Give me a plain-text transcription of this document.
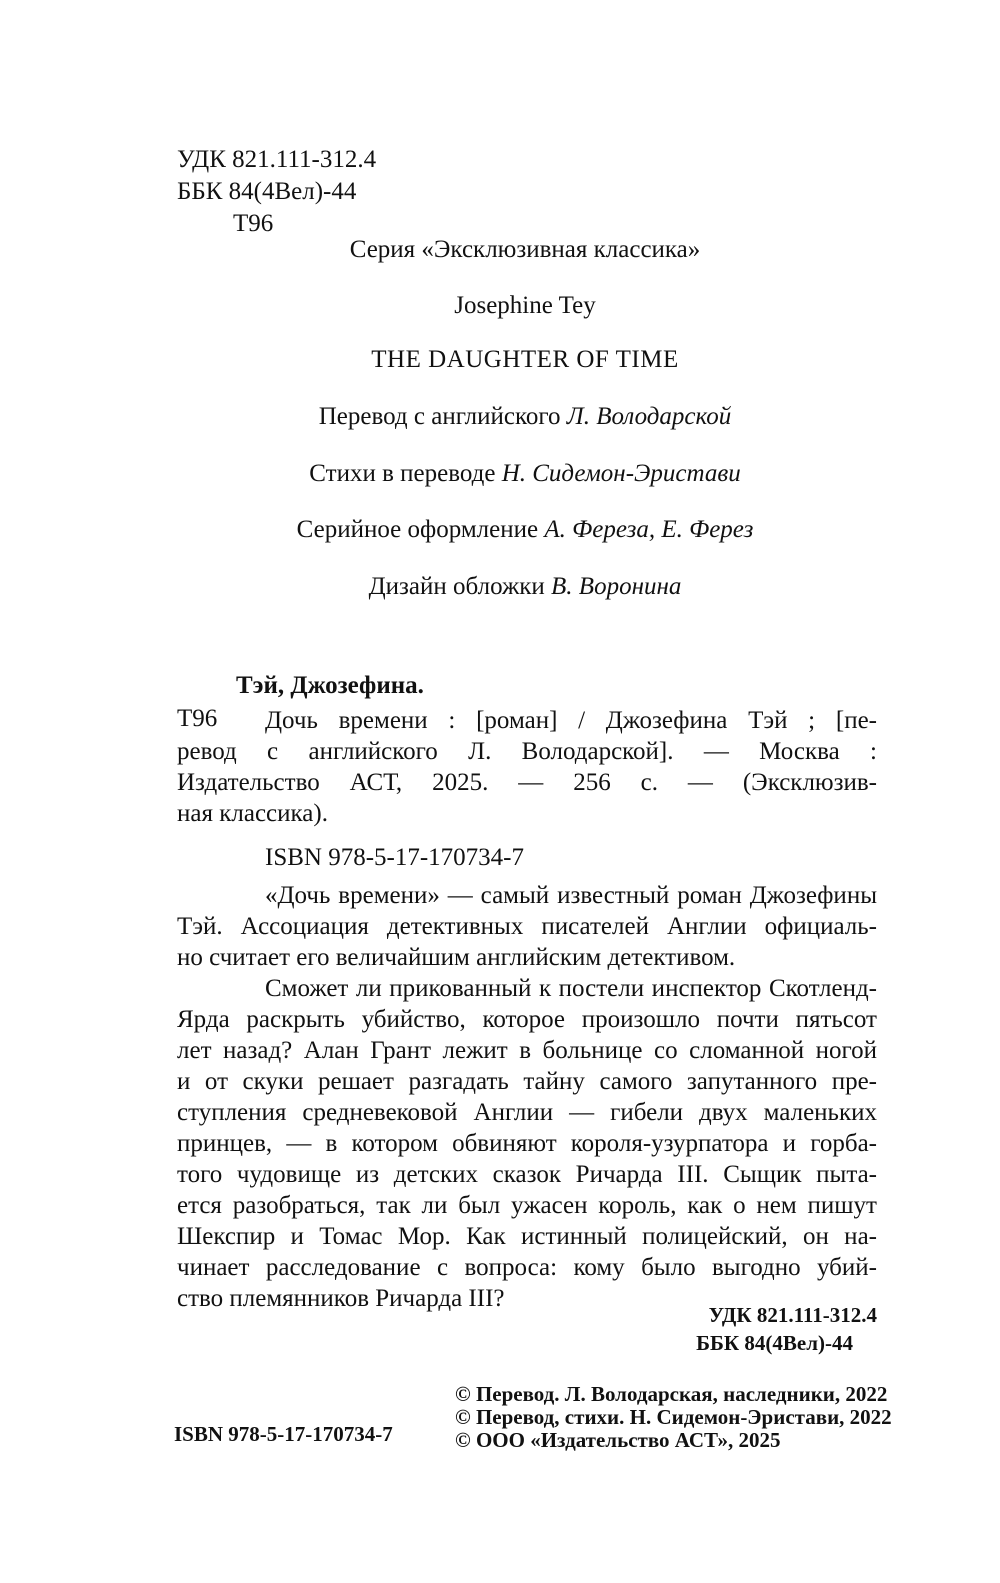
УДК 821.111-312.4
ББК 84(4Вел)-44
Т96
Серия «Эксклюзивная классика»
Josephine Tey
THE DAUGHTER OF TIME
Перевод с английского Л. Володарской
Стихи в переводе Н. Сидемон-Эристави
Серийное оформление А. Фереза, Е. Ферез
Дизайн обложки В. Воронина
Тэй, Джозефина.
Т96 Дочь времени : [роман] / Джозефина Тэй ; [пе-
ревод с английского Л. Володарской]. — Москва :
Издательство АСТ, 2025. — 256 с. — (Эксклюзив-
ная классика).
ISBN 978-5-17-170734-7
«Дочь времени» — самый известный роман Джозефины
Тэй. Ассоциация детективных писателей Англии официаль-
но считает его величайшим английским детективом.
Сможет ли прикованный к постели инспектор Скотленд-
Ярда раскрыть убийство, которое произошло почти пятьсот
лет назад? Алан Грант лежит в больнице со сломанной ногой
и от скуки решает разгадать тайну самого запутанного пре-
ступления средневековой Англии — гибели двух маленьких
принцев, — в котором обвиняют короля-узурпатора и горба-
того чудовище из детских сказок Ричарда III. Сыщик пыта-
ется разобраться, так ли был ужасен король, как о нем пишут
Шекспир и Томас Мор. Как истинный полицейский, он на-
чинает расследование с вопроса: кому было выгодно убий-
ство племянников Ричарда III?
УДК 821.111-312.4
ББК 84(4Вел)-44
ISBN 978-5-17-170734-7
© Перевод. Л. Володарская, наследники, 2022
© Перевод, стихи. Н. Сидемон-Эристави, 2022
© ООО «Издательство АСТ», 2025
